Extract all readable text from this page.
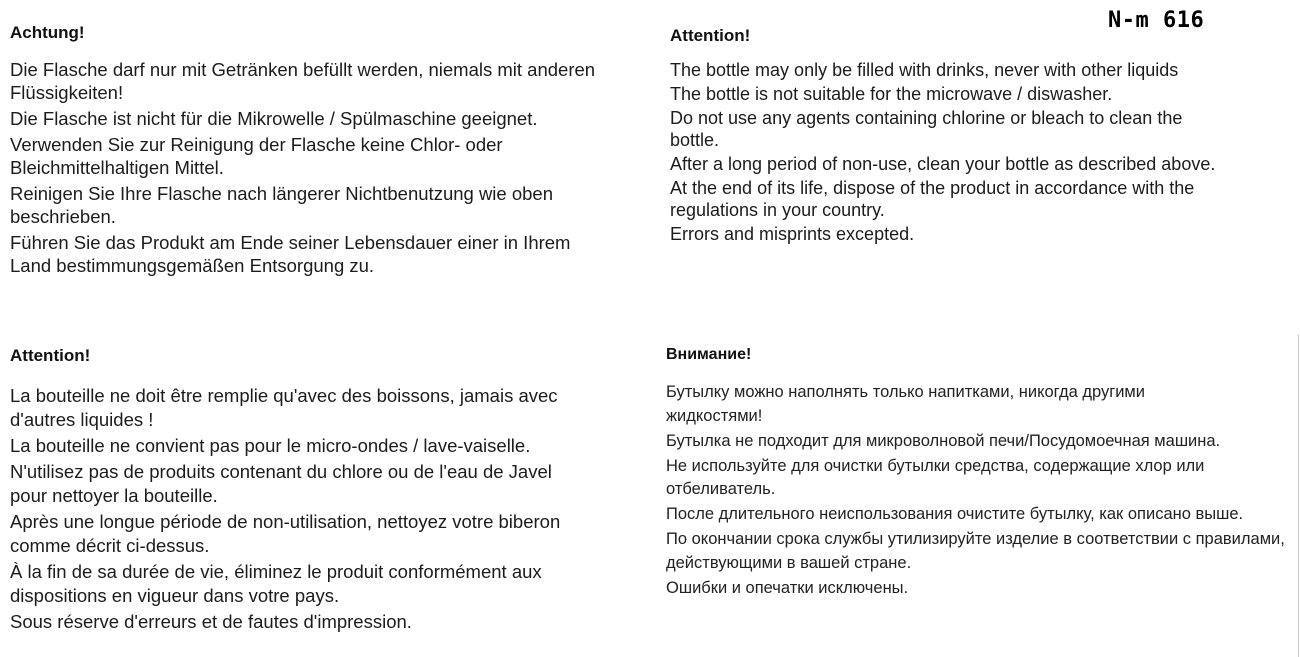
N-m 616
Achtung!

Die Flasche darf nur mit Getränken befüllt werden, niemals mit anderen Flüssigkeiten!

Die Flasche ist nicht für die Mikrowelle / Spülmaschine geeignet.

Verwenden Sie zur Reinigung der Flasche keine Chlor- oder Bleichmittelhaltigen Mittel.

Reinigen Sie Ihre Flasche nach längerer Nichtbenutzung wie oben beschrieben.

Führen Sie das Produkt am Ende seiner Lebensdauer einer in Ihrem Land bestimmungsgemäßen Entsorgung zu.

Attention!

The bottle may only be filled with drinks, never with other liquids

The bottle is not suitable for the microwave / diswasher.

Do not use any agents containing chlorine or bleach to clean the bottle.

After a long period of non-use, clean your bottle as described above.

At the end of its life, dispose of the product in accordance with the regulations in your country.

Errors and misprints excepted.

Attention!

La bouteille ne doit être remplie qu'avec des boissons, jamais avec d'autres liquides !

La bouteille ne convient pas pour le micro-ondes / lave-vaiselle.

N'utilisez pas de produits contenant du chlore ou de l'eau de Javel pour nettoyer la bouteille.

Après une longue période de non-utilisation, nettoyez votre biberon comme décrit ci-dessus.

À la fin de sa durée de vie, éliminez le produit conformément aux dispositions en vigueur dans votre pays.

Sous réserve d'erreurs et de fautes d'impression.

Внимание!

Бутылку можно наполнять только напитками, никогда другими жидкостями!

Бутылка не подходит для микроволновой печи/Посудомоечная машина.

Не используйте для очистки бутылки средства, содержащие хлор или отбеливатель.

После длительного неиспользования очистите бутылку, как описано выше.

По окончании срока службы утилизируйте изделие в соответствии с правилами, действующими в вашей стране.

Ошибки и опечатки исключены.
